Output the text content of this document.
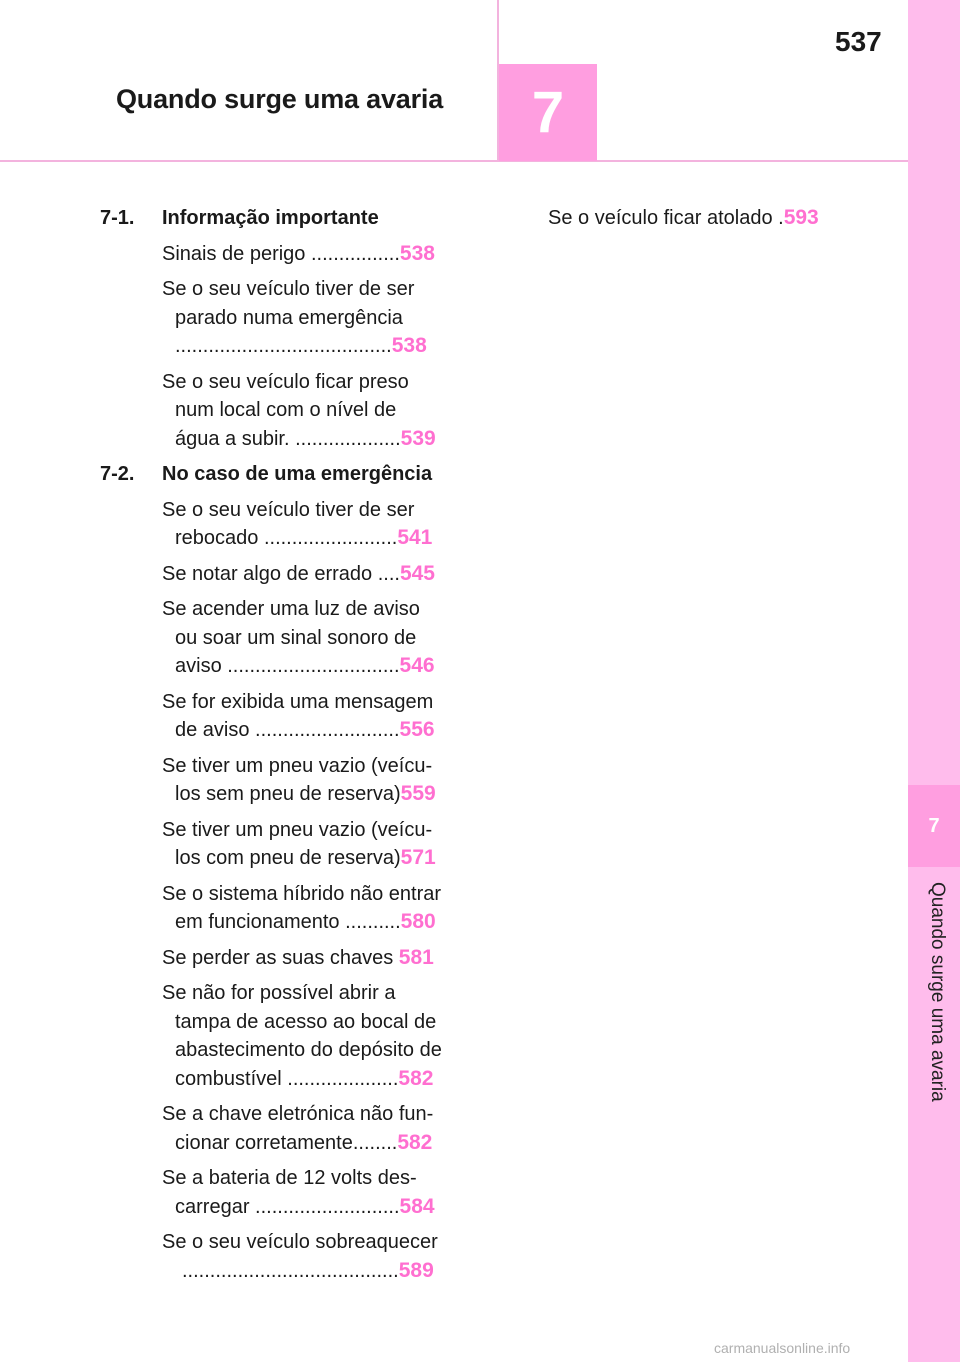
Quando surge uma avaria 7
537
7
Quando surge uma avaria
7-1.	Informação importante
Sinais de perigo ................538
Se o seu veículo tiver de ser
parado numa emergência
.......................................538
Se o seu veículo ficar preso
num local com o nível de
água a subir. ...................539
7-2.	No caso de uma emergência
Se o seu veículo tiver de ser
rebocado ........................541
Se notar algo de errado ....545
Se acender uma luz de aviso
ou soar um sinal sonoro de
aviso ...............................546
Se for exibida uma mensagem
de aviso ..........................556
Se tiver um pneu vazio (veícu-
los sem pneu de reserva)559
Se tiver um pneu vazio (veícu-
los com pneu de reserva)571
Se o sistema híbrido não entrar
em funcionamento ..........580
Se perder as suas chaves 581
Se não for possível abrir a
tampa de acesso ao bocal de
abastecimento do depósito de
combustível ....................582
Se a chave eletrónica não fun-
cionar corretamente........582
Se a bateria de 12 volts des-
carregar ..........................584
Se o seu veículo sobreaquecer
.......................................589
Se o veículo ficar atolado .593
carmanualsonline.info
